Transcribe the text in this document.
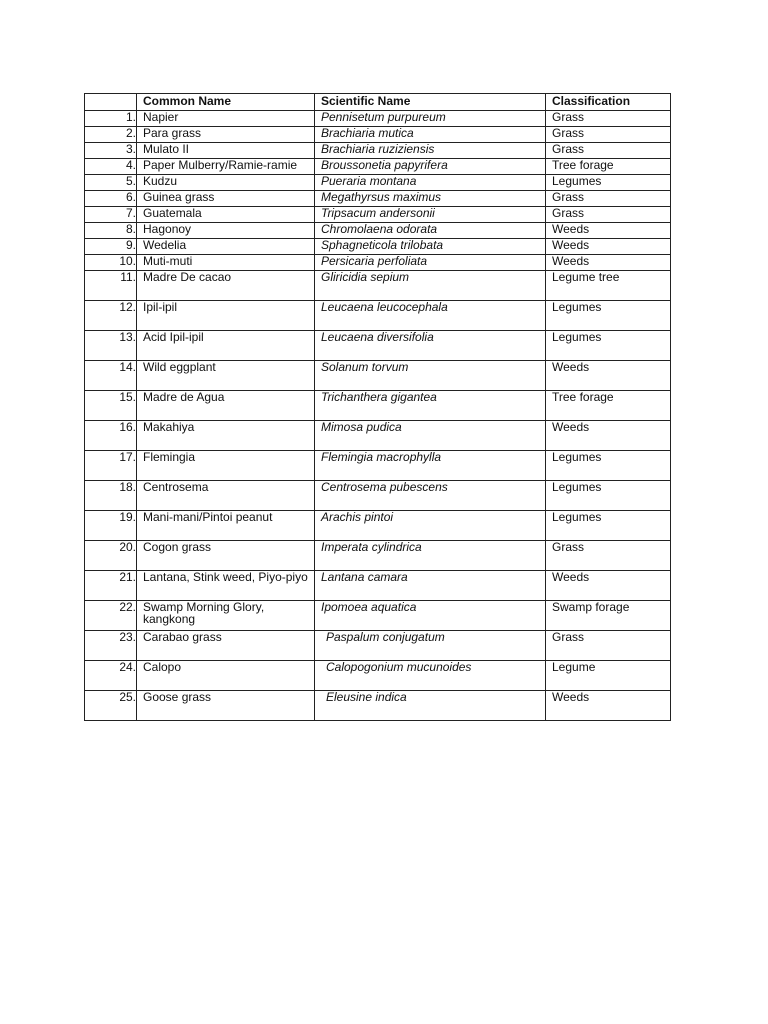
	Common Name	Scientific Name	Classification
1.	Napier	Pennisetum purpureum	Grass
2.	Para grass	Brachiaria mutica	Grass
3.	Mulato II	Brachiaria ruziziensis	Grass
4.	Paper Mulberry/Ramie-ramie	Broussonetia papyrifera	Tree forage
5.	Kudzu	Pueraria montana	Legumes
6.	Guinea grass	Megathyrsus maximus	Grass
7.	Guatemala	Tripsacum andersonii	Grass
8.	Hagonoy	Chromolaena odorata	Weeds
9.	Wedelia	Sphagneticola trilobata	Weeds
10.	Muti-muti	Persicaria perfoliata	Weeds
11.	Madre De cacao	Gliricidia sepium	Legume tree
12.	Ipil-ipil	Leucaena leucocephala	Legumes
13.	Acid Ipil-ipil	Leucaena diversifolia	Legumes
14.	Wild eggplant	Solanum torvum	Weeds
15.	Madre de Agua	Trichanthera gigantea	Tree forage
16.	Makahiya	Mimosa pudica	Weeds
17.	Flemingia	Flemingia macrophylla	Legumes
18.	Centrosema	Centrosema pubescens	Legumes
19.	Mani-mani/Pintoi peanut	Arachis pintoi	Legumes
20.	Cogon grass	Imperata cylindrica	Grass
21.	Lantana, Stink weed, Piyo-piyo	Lantana camara	Weeds
22.	Swamp Morning Glory, kangkong	Ipomoea aquatica	Swamp forage
23.	Carabao grass	Paspalum conjugatum	Grass
24.	Calopo	Calopogonium mucunoides	Legume
25.	Goose grass	Eleusine indica	Weeds
